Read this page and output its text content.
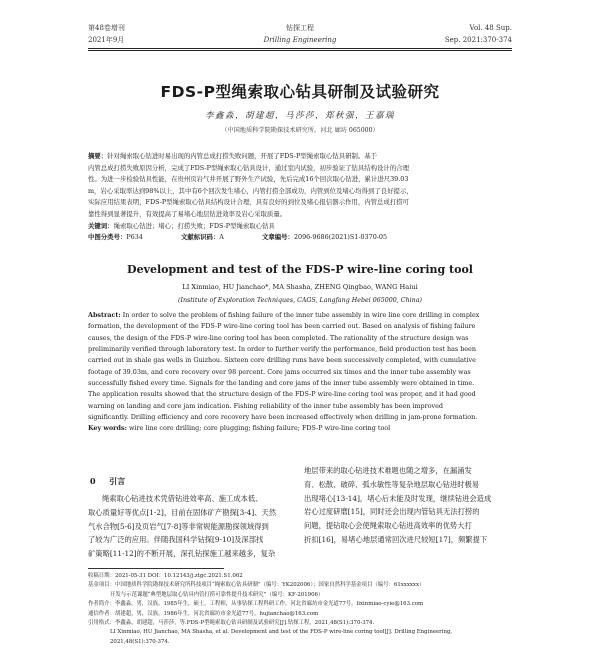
第48卷增刊
2021年9月
钻探工程
Drilling Engineering
Vol. 48 Sup.
Sep. 2021:370-374
FDS-P型绳索取心钻具研制及试验研究
李鑫淼，胡建超，马莎莎，郑秋强，王嘉瑞
（中国地质科学院勘探技术研究所，河北 廊坊 065000）
摘要：针对绳索取心钻进时易出现的内管总成打捞失败问题，开展了FDS-P型绳索取心钻具研制。基于
内管总成打捞失败原因分析，完成了FDS-P型绳索取心钻具设计，通过室内试验，初步验证了钻具结构设计的合理
性。为进一步检验钻具性能，在贵州页岩气井开展了野外生产试验，先后完成16个回次取心钻进，累计进尺39.03
m，岩心采取率达到98%以上，其中有6个回次发生堵心，内管打捞全部成功，内管到位及堵心均得到了良好提示，
实际应用结果表明，FDS-P型绳索取心钻具结构设计合理，具有良好的到位及堵心报信器示作用，内管总成打捞可
靠性得到显著提升，有效提高了易堵心地层钻进效率及岩心采取质量。
关键词：绳索取心钻进；堵心；打捞失败；FDS-P型绳索取心钻具
中图分类号：P634	文献标识码：A	文章编号：2096-9686(2021)S1-0370-05
Development and test of the FDS‑P wire-line coring tool
LI Xinmiao, HU Jianchao*, MA Shasha, ZHENG Qingbao, WANG Haiui
(Institute of Exploration Techniques, CAGS, Langfang Hebei 065000, China)
Abstract: In order to solve the problem of fishing failure of the inner tube assembly in wire line core drilling in complex
formation, the development of the FDS-P wire-line coring tool has been carried out. Based on analysis of fishing failure
causes, the design of the FDS-P wire-line coring tool has been completed. The rationality of the structure design was
preliminarily verified through laboratory test. In order to further verify the performance, field production test has been
carried out in shale gas wells in Guizhou. Sixteen core drilling runs have been successively completed, with cumulative
footage of 39.03m, and core recovery over 98 percent. Core jams occurred six times and the inner tube assembly was
successfully fished every time. Signals for the landing and core jams of the inner tube assembly were obtained in time.
The application results showed that the structure design of the FDS-P wire-line coring tool was proper, and it had good
warning on landing and core jam indication. Fishing reliability of the inner tube assembly has been improved
significantly. Drilling efficiency and core recovery have been increased effectively when drilling in jam-prone formation.
Key words: wire line core drilling; core plugging; fishing failure; FDS-P wire-line coring tool
0 引言
绳索取心钻进技术凭借钻进效率高、施工成本低、
取心质量好等优点[1-2]，目前在固体矿产勘探[3-4]、天然
气水合物[5-6]及页岩气[7-8]等非常规能源勘探领域得到
了较为广泛的应用。伴随我国科学钻探[9-10]及深部找
矿策略[11-12]的不断开展，深孔钻探施工越来越多，复杂
地层带来的取心钻进技术难题也随之增多，在漏涌发
育、松散、破碎、弧水敏性等复杂地层取心钻进时极易
出现堵心[13-14]，堵心后未能及时发现，继续钻进会造成
岩心过度研磨[15]，同时还会出现内管钻具无法打捞的
问题，提钻取心会使绳索取心钻进高效率的优势大打
折扣[16]，易堵心地层通常回次进尺较短[17]，频繁提下
收稿日期：2021-05-31 DOI：10.12143/j.ztgc.2021.S1.062
基金项目：中国地质科学院勘探技术研究所科技项目“绳索取心钻具研制”（编号：YK202006）；国家自然科学基金项目（编号：61xxxxxx）
开发与示范课题“典型地层取心钻具内管打捞可靠性提升技术研究”（编号：KF-201906）
作者简介：李鑫淼，男，汉族，1985年生，硕士，工程师，从事钻探工程科研工作，河北省廊坊市金光道77号，lixinmiao-cyie@163.com
通信作者：胡建超，男，汉族，1986年生，河北省廊坊市金光道77号，hujianchao@163.com
引用格式：李鑫淼，胡建超，马莎莎，等.FDS-P型绳索取心钻具研制及试验研究[J].钻探工程，2021,48(S1):370-374.
LI Xinmiao, HU Jianchao, MA Shasha, et al. Development and test of the FDS-P wire-line coring tool[J]. Drilling Engineering,
2021,48(S1):370-374.
